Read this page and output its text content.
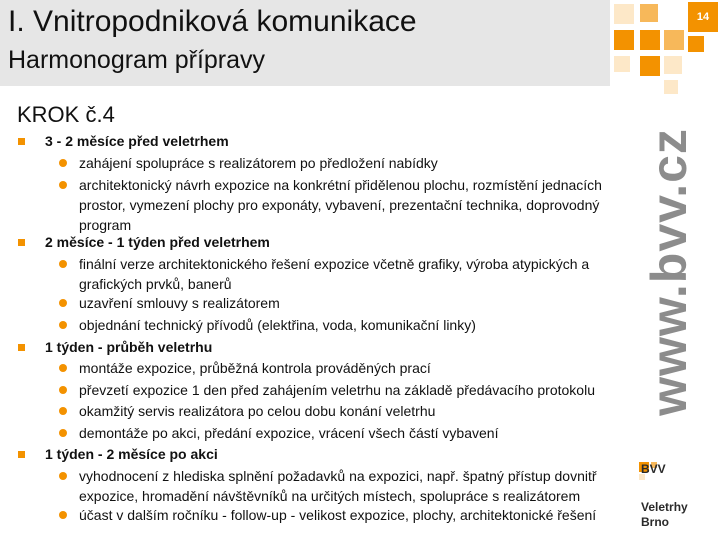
I. Vnitropodniková komunikace
Harmonogram přípravy
14
www.bvv.cz
KROK č.4
3 - 2 měsíce před veletrhem
zahájení spolupráce s realizátorem po předložení nabídky
architektonický návrh expozice na konkrétní přidělenou plochu, rozmístění jednacích
prostor, vymezení plochy pro exponáty, vybavení, prezentační technika, doprovodný
program
2 měsíce - 1 týden před veletrhem
finální verze architektonického řešení expozice včetně grafiky, výroba atypických a
grafických prvků, banerů
uzavření smlouvy s realizátorem
objednání technický přívodů (elektřina, voda, komunikační linky)
1 týden - průběh veletrhu
montáže expozice, průběžná kontrola prováděných prací
převzetí expozice 1 den před zahájením veletrhu na základě předávacího protokolu
okamžitý servis realizátora po celou dobu konání veletrhu
demontáže po akci, předání expozice, vrácení všech částí vybavení
1 týden - 2 měsíce po akci
vyhodnocení z hlediska splnění požadavků na expozici, např. špatný přístup dovnitř
expozice, hromadění návštěvníků na určitých místech, spolupráce s realizátorem
účast v dalším ročníku - follow-up - velikost expozice, plochy, architektonické řešení
BVV
Veletrhy
Brno
